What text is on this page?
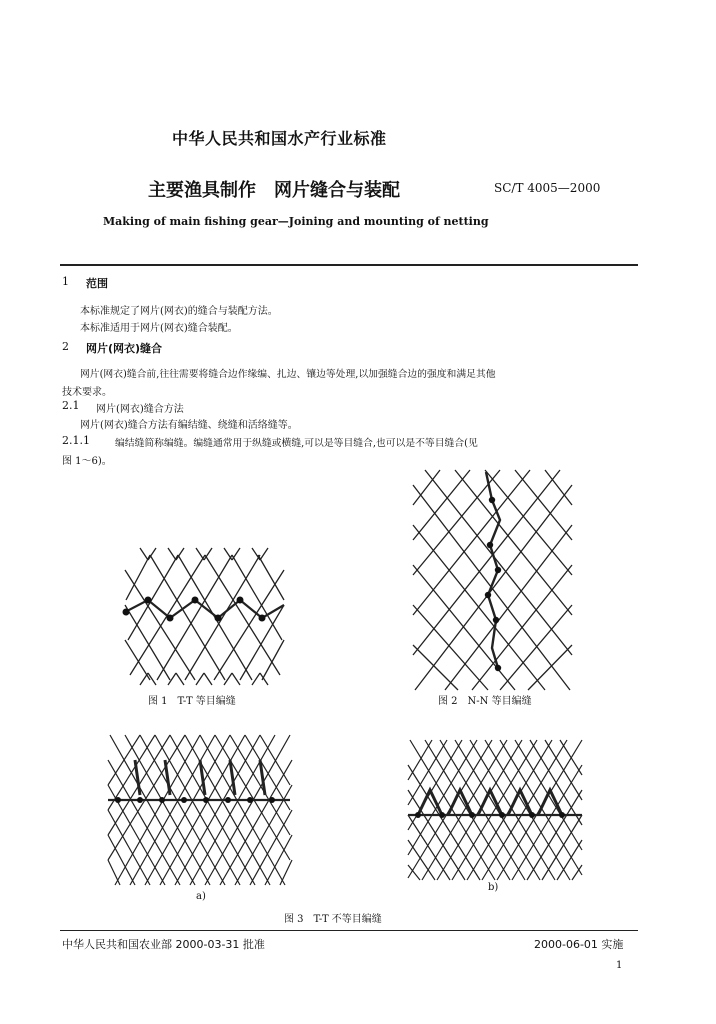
中华人民共和国水产行业标准
主要渔具制作　网片缝合与装配	SC/T 4005—2000
Making of main fishing gear—Joining and mounting of netting
1 范围
本标准规定了网片(网衣)的缝合与装配方法。
本标准适用于网片(网衣)缝合装配。
2 网片(网衣)缝合
网片(网衣)缝合前,往往需要将缝合边作缘编、扎边、镶边等处理,以加强缝合边的强度和满足其他
技术要求。
2.1 网片(网衣)缝合方法
网片(网衣)缝合方法有编结缝、绕缝和活络缝等。
2.1.1	编结缝简称编缝。编缝通常用于纵缝或横缝,可以是等目缝合,也可以是不等目缝合(见
图 1～6)。
图 1　T-T 等目编缝	图 2　N-N 等目编缝
a)
b)
图 3　T-T 不等目编缝
中华人民共和国农业部 2000-03-31 批准	2000-06-01 实施
1
